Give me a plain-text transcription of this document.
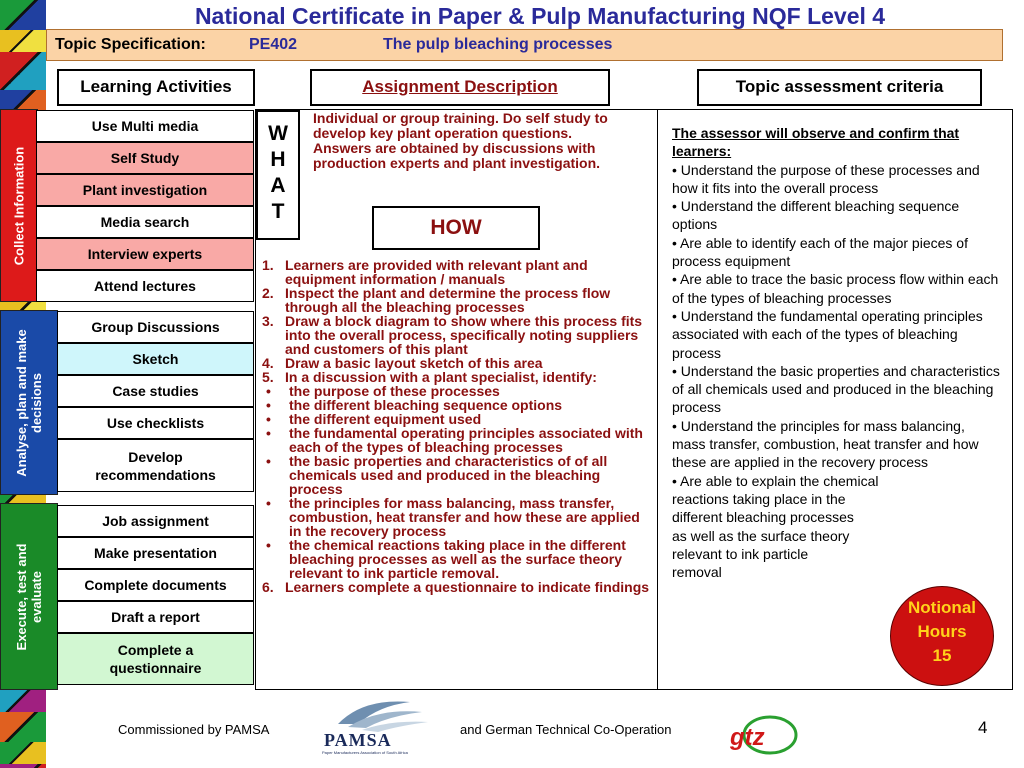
National Certificate in Paper & Pulp Manufacturing NQF Level 4
Topic Specification:	PE402	The pulp bleaching processes
Learning Activities	Assignment Description	Topic assessment criteria
Collect Information
Analyse, plan and make decisions
Execute, test and evaluate
Use Multi media
Self Study
Plant investigation
Media search
Interview experts
Attend lectures
Group Discussions
Sketch
Case studies
Use checklists
Develop recommendations
Job assignment
Make presentation
Complete documents
Draft a report
Complete a questionnaire
W
H
A
T
Individual or group training. Do self study to develop key plant operation questions. Answers are obtained by discussions with production experts and plant investigation.
HOW
1. Learners are provided with relevant plant and equipment information / manuals
2. Inspect the plant and determine the process flow through all the bleaching processes
3. Draw a block diagram to show where this process fits into the overall process, specifically noting suppliers and customers of this plant
4. Draw a basic layout sketch of this area
5. In a discussion with a plant specialist, identify:
•	the purpose of these processes
•	the different bleaching sequence options
•	the different equipment used
•	the fundamental operating principles associated with each of the types of bleaching processes
•	the basic properties and characteristics of of all chemicals used and produced in the bleaching process
•	the principles for mass balancing, mass transfer, combustion, heat transfer and how these are applied in the recovery process
•	the chemical reactions taking place in the different bleaching processes as well as the surface theory relevant to ink particle removal.
6. Learners complete a questionnaire to indicate findings
The assessor will observe and confirm that learners:
• Understand the purpose of these processes and how it fits into the overall process
• Understand the different bleaching sequence options
• Are able to identify each of the major pieces of process equipment
• Are able to trace the basic process flow within each of the types of bleaching processes
• Understand the fundamental operating principles associated with each of the types of bleaching process
• Understand the basic properties and characteristics of all chemicals used and produced in the bleaching process
• Understand the principles for mass balancing, mass transfer, combustion, heat transfer and how these are applied in the recovery process
• Are able to explain the chemical reactions taking place in the
different bleaching processes
as well as the surface theory
relevant to ink particle
removal
Notional
Hours
15
Commissioned by PAMSA
PAMSA
Paper Manufacturers Association of South Africa
and German Technical Co-Operation gtz	4
